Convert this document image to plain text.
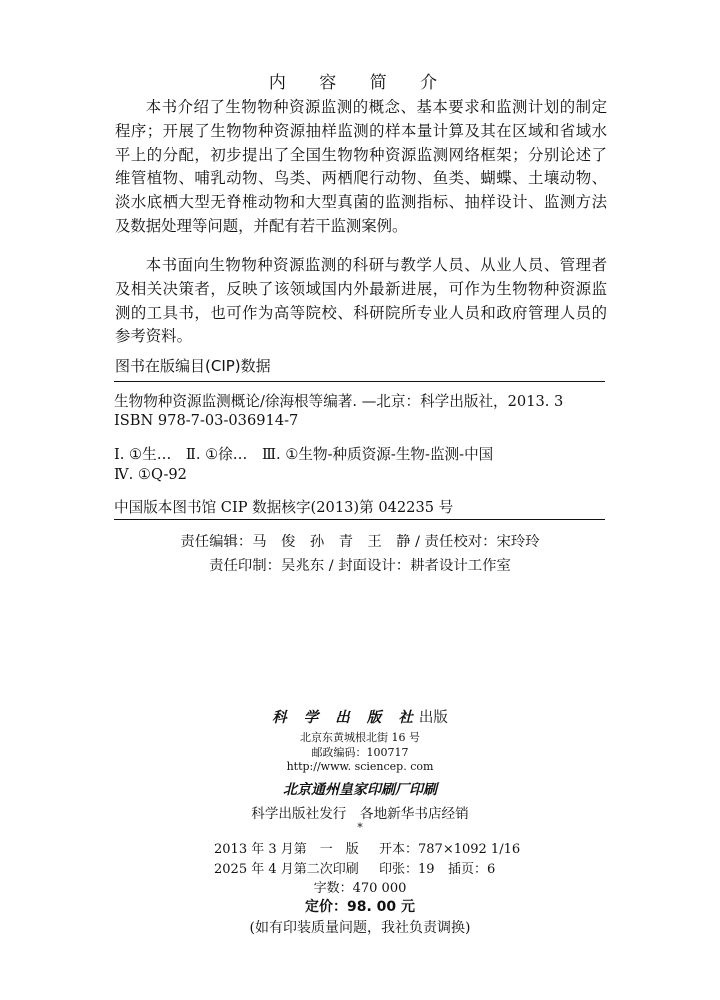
内 容 简 介

本书介绍了生物物种资源监测的概念、基本要求和监测计划的制定程序；开展了生物物种资源抽样监测的样本量计算及其在区域和省域水平上的分配，初步提出了全国生物物种资源监测网络框架；分别论述了维管植物、哺乳动物、鸟类、两栖爬行动物、鱼类、蝴蝶、土壤动物、淡水底栖大型无脊椎动物和大型真菌的监测指标、抽样设计、监测方法及数据处理等问题，并配有若干监测案例。

本书面向生物物种资源监测的科研与教学人员、从业人员、管理者及相关决策者，反映了该领域国内外最新进展，可作为生物物种资源监测的工具书，也可作为高等院校、科研院所专业人员和政府管理人员的参考资料。

图书在版编目(CIP)数据
生物物种资源监测概论/徐海根等编著. —北京：科学出版社，2013. 3
ISBN 978-7-03-036914-7
Ⅰ. ①生…　Ⅱ. ①徐…　Ⅲ. ①生物-种质资源-生物-监测-中国
Ⅳ. ①Q-92
中国版本图书馆 CIP 数据核字(2013)第 042235 号
责任编辑：马　俊　孙　青　王　静 / 责任校对：宋玲玲
责任印制：吴兆东 / 封面设计：耕者设计工作室
科 学 出 版 社出版
北京东黄城根北街 16 号
邮政编码：100717
http://www. sciencep. com
北京通州皇家印刷厂印刷
科学出版社发行　各地新华书店经销
*
2013 年 3 月第　一　版 开本：787×1092 1/16
2025 年 4 月第二次印刷 印张：19 插页：6
字数：470 000
定价：98. 00 元
(如有印装质量问题，我社负责调换)
